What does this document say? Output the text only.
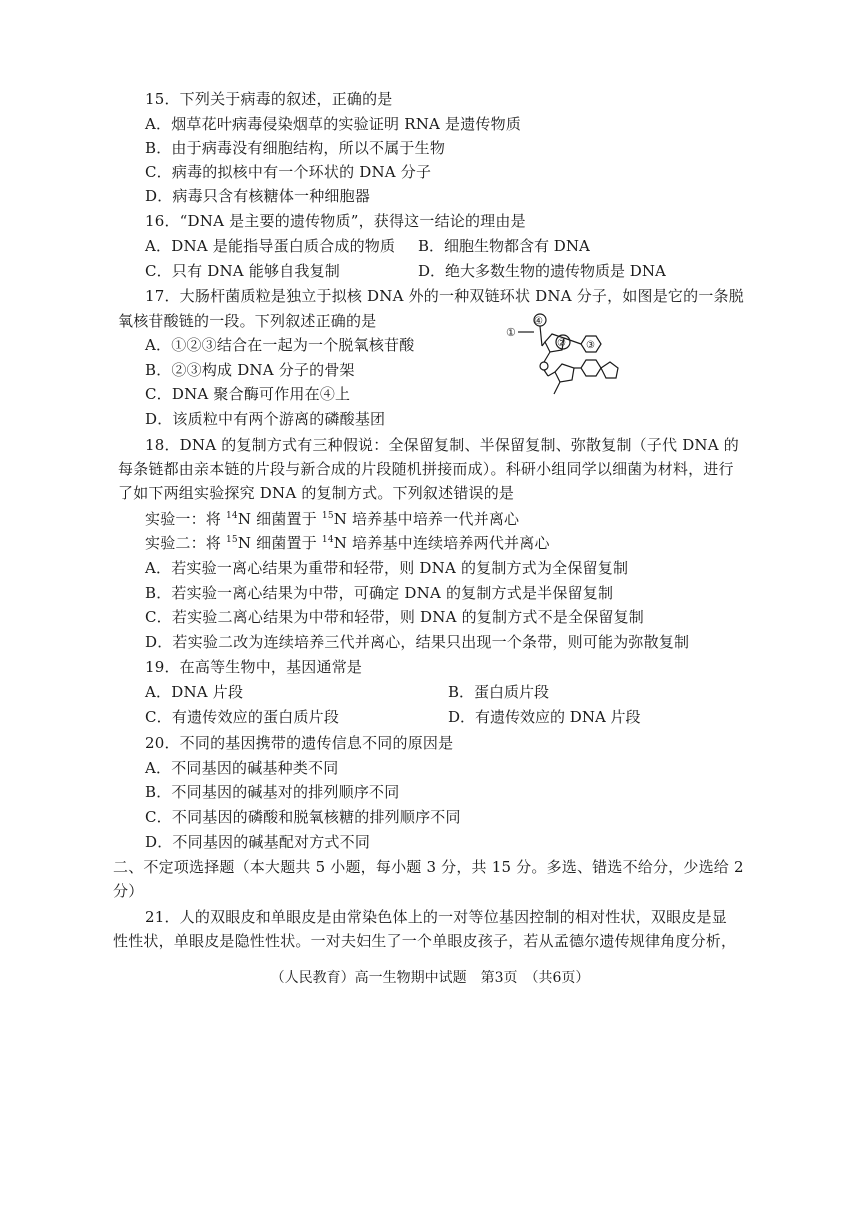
15．下列关于病毒的叙述，正确的是
A．烟草花叶病毒侵染烟草的实验证明 RNA 是遗传物质
B．由于病毒没有细胞结构，所以不属于生物
C．病毒的拟核中有一个环状的 DNA 分子
D．病毒只含有核糖体一种细胞器
16．“DNA 是主要的遗传物质”，获得这一结论的理由是
A．DNA 是能指导蛋白质合成的物质 B．细胞生物都含有 DNA
C．只有 DNA 能够自我复制	D．绝大多数生物的遗传物质是 DNA
17．大肠杆菌质粒是独立于拟核 DNA 外的一种双链环状 DNA 分子，如图是它的一条脱
氧核苷酸链的一段。下列叙述正确的是
A．①②③结合在一起为一个脱氧核苷酸
B．②③构成 DNA 分子的骨架
C．DNA 聚合酶可作用在④上
D．该质粒中有两个游离的磷酸基团
①
④
② ③
18．DNA 的复制方式有三种假说：全保留复制、半保留复制、弥散复制（子代 DNA 的
每条链都由亲本链的片段与新合成的片段随机拼接而成）。科研小组同学以细菌为材料，进行
了如下两组实验探究 DNA 的复制方式。下列叙述错误的是
实验一：将 $^{14}$N 细菌置于 $^{15}$N 培养基中培养一代并离心
实验二：将 $^{15}$N 细菌置于 $^{14}$N 培养基中连续培养两代并离心
A．若实验一离心结果为重带和轻带，则 DNA 的复制方式为全保留复制
B．若实验一离心结果为中带，可确定 DNA 的复制方式是半保留复制
C．若实验二离心结果为中带和轻带，则 DNA 的复制方式不是全保留复制
D．若实验二改为连续培养三代并离心，结果只出现一个条带，则可能为弥散复制
19．在高等生物中，基因通常是
A．DNA 片段	B．蛋白质片段
C．有遗传效应的蛋白质片段	D．有遗传效应的 DNA 片段
20．不同的基因携带的遗传信息不同的原因是
A．不同基因的碱基种类不同
B．不同基因的碱基对的排列顺序不同
C．不同基因的磷酸和脱氧核糖的排列顺序不同
D．不同基因的碱基配对方式不同
二、不定项选择题（本大题共 5 小题，每小题 3 分，共 15 分。多选、错选不给分，少选给 2
分）
21．人的双眼皮和单眼皮是由常染色体上的一对等位基因控制的相对性状，双眼皮是显
性性状，单眼皮是隐性性状。一对夫妇生了一个单眼皮孩子，若从孟德尔遗传规律角度分析，
（人民教育）高一生物期中试题　第3页　（共6页）
